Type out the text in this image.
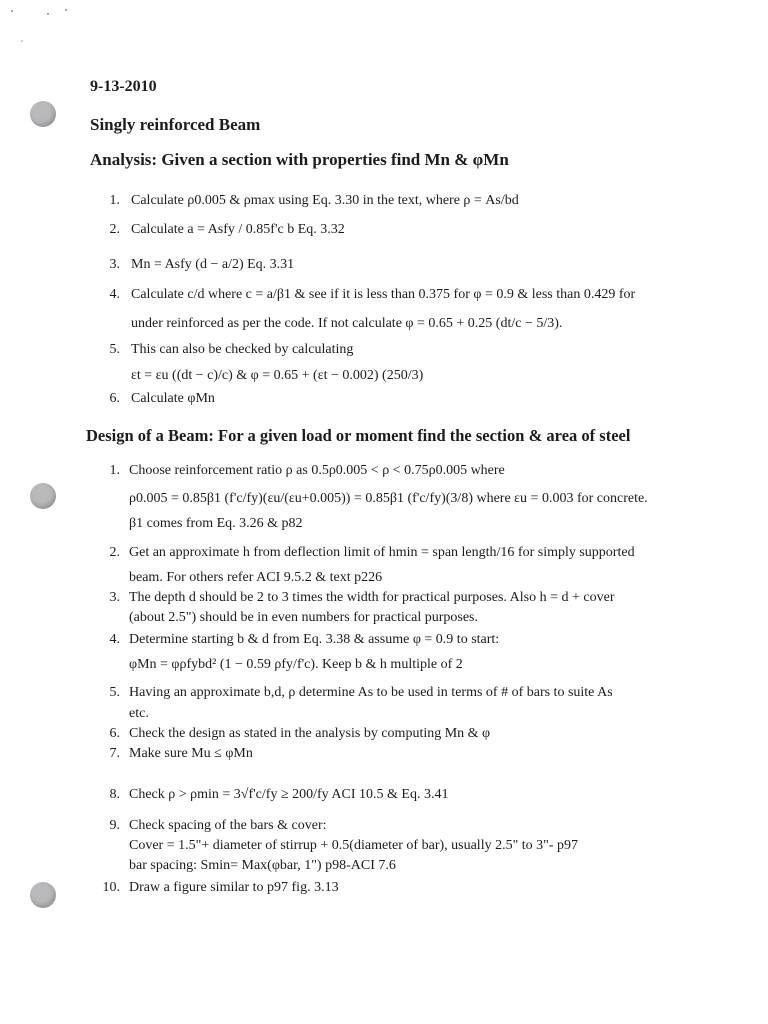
9-13-2010
Singly reinforced Beam
Analysis: Given a section with properties find Mn & φMn
1. Calculate ρ0.005 & ρmax using Eq. 3.30 in the text, where ρ = As/bd
2. Calculate a = Asfy / 0.85f'c b Eq. 3.32
3. Mn = Asfy (d − a/2) Eq. 3.31
4. Calculate c/d where c = a/β1 & see if it is less than 0.375 for φ = 0.9 & less than 0.429 for
under reinforced as per the code. If not calculate φ = 0.65 + 0.25 (dt/c − 5/3).
5. This can also be checked by calculating
εt = εu ((dt − c)/c) & φ = 0.65 + (εt − 0.002) (250/3)
6. Calculate φMn
Design of a Beam: For a given load or moment find the section & area of steel
1. Choose reinforcement ratio ρ as 0.5ρ0.005 < ρ < 0.75ρ0.005 where
ρ0.005 = 0.85β1 (f'c/fy)(εu/(εu+0.005)) = 0.85β1 (f'c/fy)(3/8) where εu = 0.003 for concrete.
β1 comes from Eq. 3.26 & p82
2. Get an approximate h from deflection limit of hmin = span length/16 for simply supported
beam. For others refer ACI 9.5.2 & text p226
3. The depth d should be 2 to 3 times the width for practical purposes. Also h = d + cover
(about 2.5") should be in even numbers for practical purposes.
4. Determine starting b & d from Eq. 3.38 & assume φ = 0.9 to start:
φMn = φρfybd² (1 − 0.59 ρfy/f'c). Keep b & h multiple of 2
5. Having an approximate b,d, ρ determine As to be used in terms of # of bars to suite As
etc.
6. Check the design as stated in the analysis by computing Mn & φ
7. Make sure Mu ≤ φMn
8. Check ρ > ρmin = 3√f'c/fy ≥ 200/fy ACI 10.5 & Eq. 3.41
9. Check spacing of the bars & cover:
Cover = 1.5"+ diameter of stirrup + 0.5(diameter of bar), usually 2.5" to 3"- p97
bar spacing: Smin= Max(φbar, 1") p98-ACI 7.6
10. Draw a figure similar to p97 fig. 3.13
